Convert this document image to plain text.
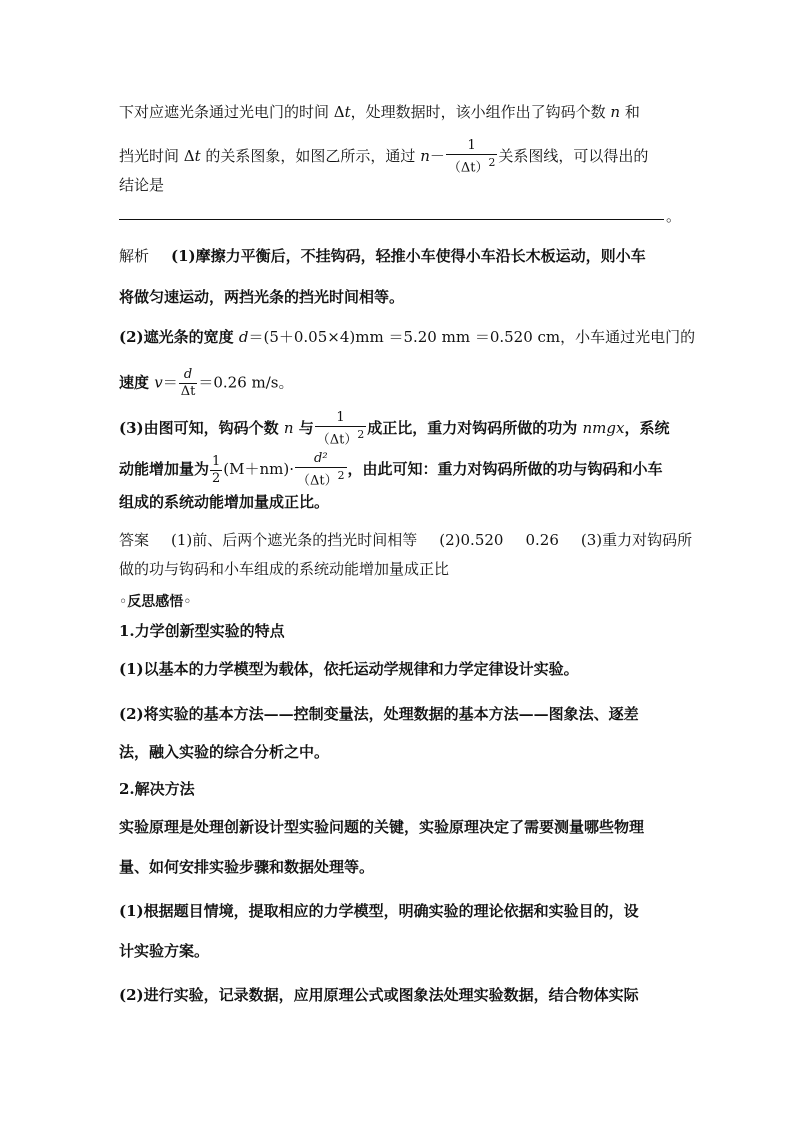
下对应遮光条通过光电门的时间 Δt，处理数据时，该小组作出了钩码个数 n 和
挡光时间 Δt 的关系图象，如图乙所示，通过 $n- \frac{1}{(\Delta t)^2}$ 关系图线，可以得出的
结论是
。
解析 (1)摩擦力平衡后，不挂钩码，轻推小车使得小车沿长木板运动，则小车
将做匀速运动，两挡光条的挡光时间相等。
(2)遮光条的宽度 d＝(5＋0.05×4)mm ＝5.20 mm ＝0.520 cm，小车通过光电门的
速度 $v= \frac{d}{\Delta t} =0.26$ m/s。
(3)由图可知，钩码个数 n 与 $\frac{1}{(\Delta t)^2}$ 成正比，重力对钩码所做的功为 nmgx，系统
动能增加量为 $\frac{1}{2} (M+nm)\cdot \frac{\text{d²}}{(\Delta t)^2}$ ，由此可知：重力对钩码所做的功与钩码和小车
组成的系统动能增加量成正比。
答案 (1)前、后两个遮光条的挡光时间相等 (2)0.520 0.26 (3)重力对钩码所
做的功与钩码和小车组成的系统动能增加量成正比
◦反思感悟◦
1.力学创新型实验的特点
(1)以基本的力学模型为载体，依托运动学规律和力学定律设计实验。
(2)将实验的基本方法——控制变量法，处理数据的基本方法——图象法、逐差
法，融入实验的综合分析之中。
2.解决方法
实验原理是处理创新设计型实验问题的关键，实验原理决定了需要测量哪些物理
量、如何安排实验步骤和数据处理等。
(1)根据题目情境，提取相应的力学模型，明确实验的理论依据和实验目的，设
计实验方案。
(2)进行实验，记录数据，应用原理公式或图象法处理实验数据，结合物体实际
